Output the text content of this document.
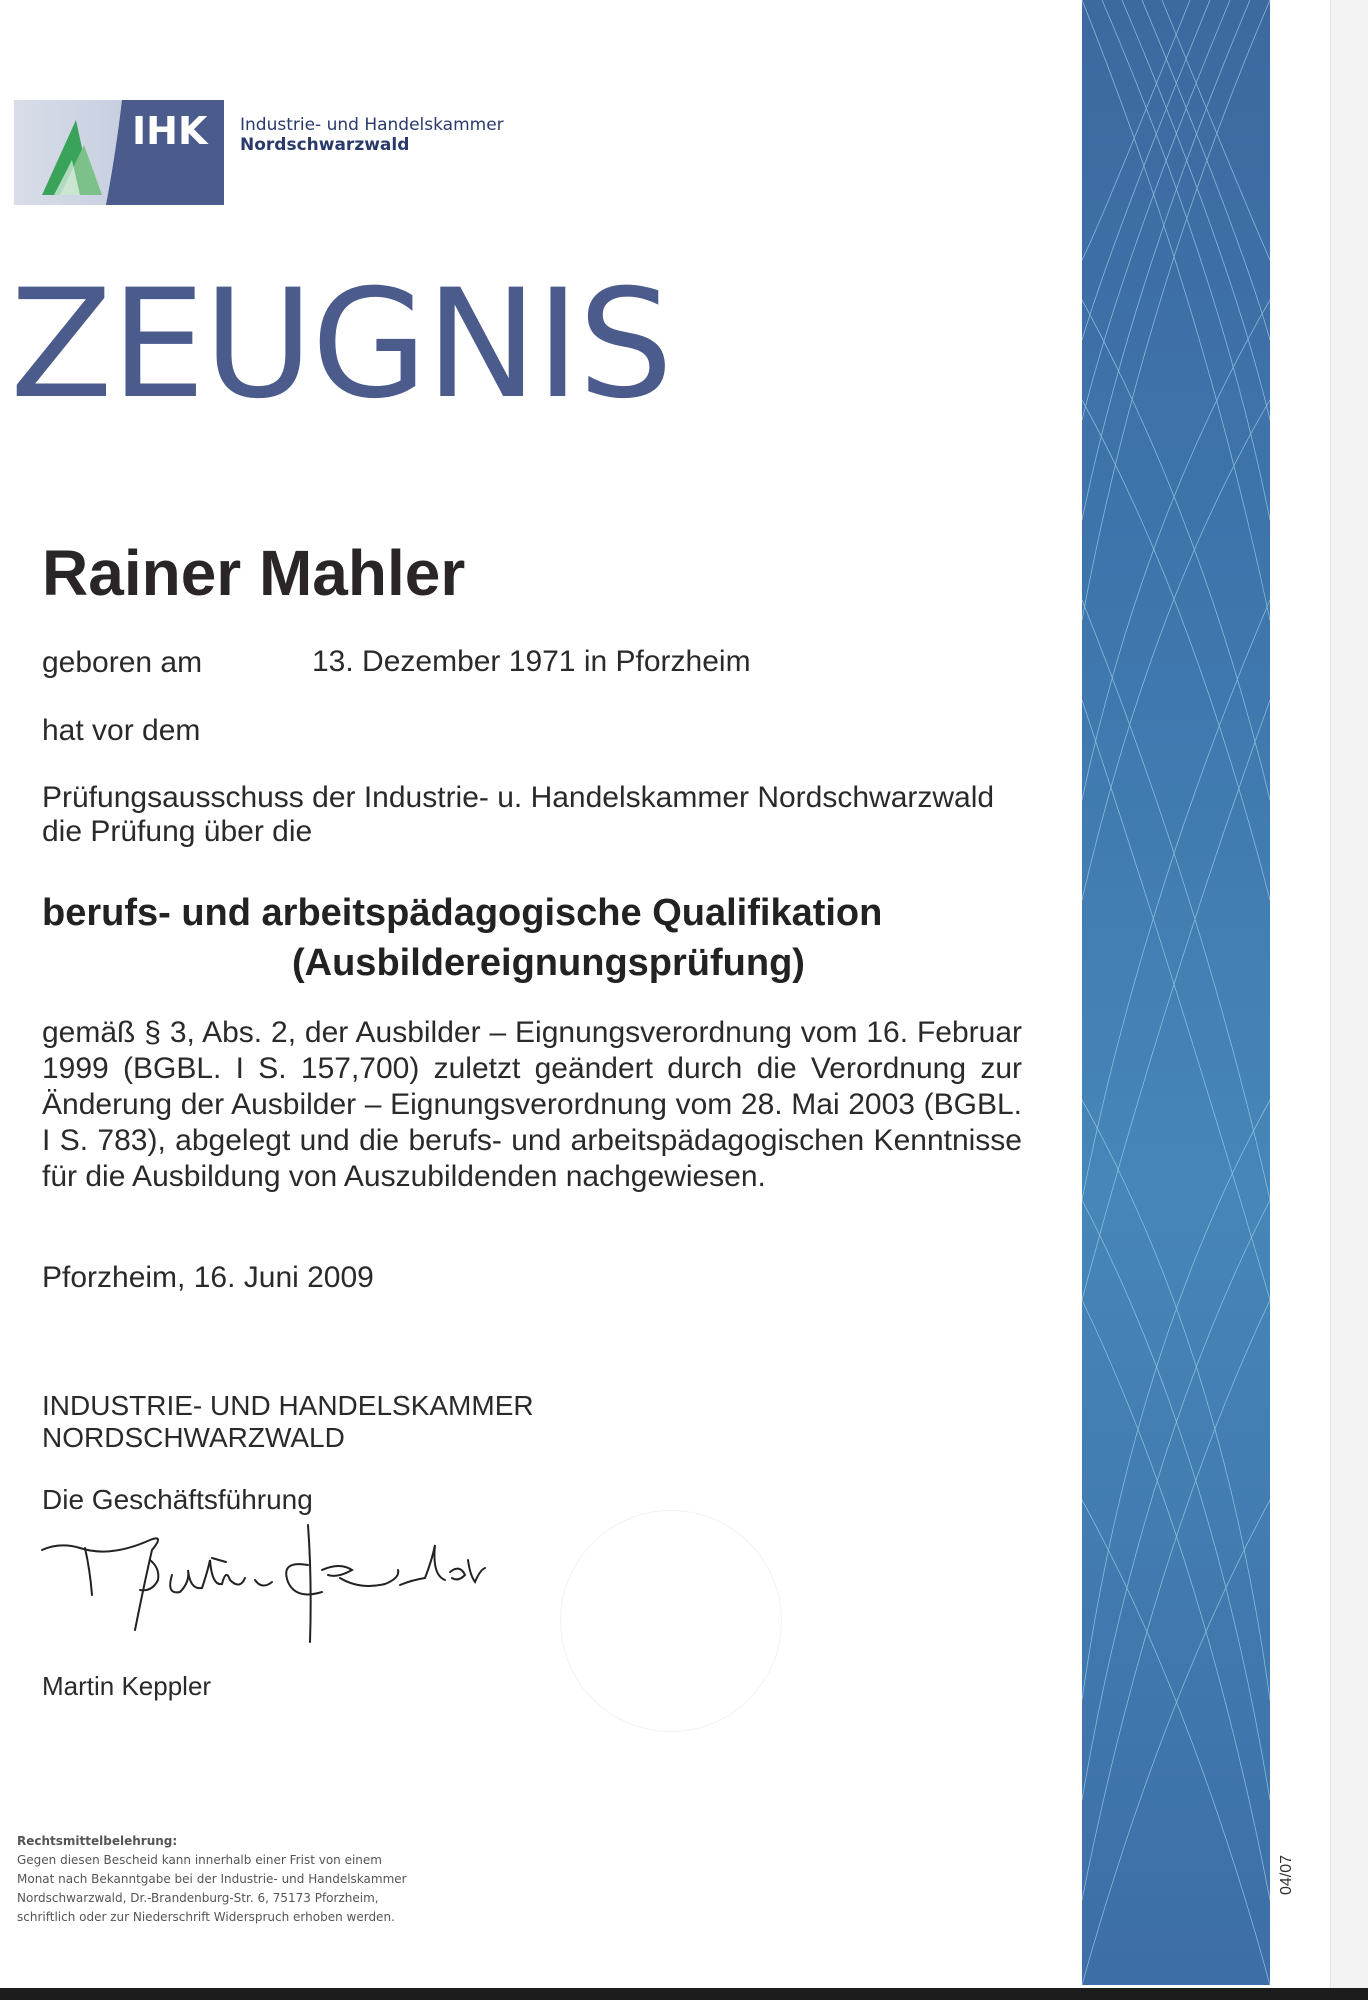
IHK Industrie- und Handelskammer
Nordschwarzwald
ZEUGNIS
Rainer Mahler
geboren am	13. Dezember 1971 in Pforzheim
hat vor dem
Prüfungsausschuss der Industrie- u. Handelskammer Nordschwarzwald
die Prüfung über die
berufs- und arbeitspädagogische Qualifikation
(Ausbildereignungsprüfung)
gemäß § 3, Abs. 2, der Ausbilder – Eignungsverordnung vom 16. Februar 1999 (BGBL. I S. 157,700) zuletzt geändert durch die Verordnung zur Änderung der Ausbilder – Eignungsverordnung vom 28. Mai 2003 (BGBL. I S. 783), abgelegt und die berufs- und arbeitspädagogischen Kenntnisse für die Ausbildung von Auszubildenden nachgewiesen.
Pforzheim, 16. Juni 2009
INDUSTRIE- UND HANDELSKAMMER
NORDSCHWARZWALD
Die Geschäftsführung
Martin Keppler
Rechtsmittelbelehrung:
Gegen diesen Bescheid kann innerhalb einer Frist von einem
Monat nach Bekanntgabe bei der Industrie- und Handelskammer
Nordschwarzwald, Dr.-Brandenburg-Str. 6, 75173 Pforzheim,
schriftlich oder zur Niederschrift Widerspruch erhoben werden.
04/07
